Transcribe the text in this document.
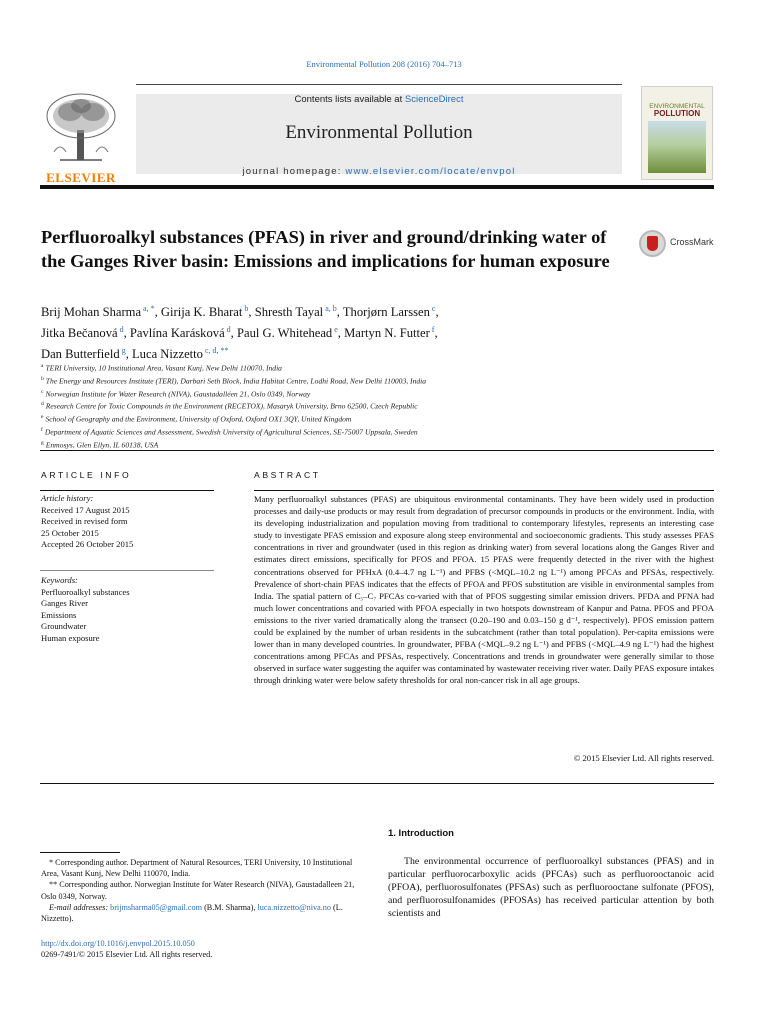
Environmental Pollution 208 (2016) 704–713
ELSEVIER
Contents lists available at ScienceDirect
Environmental Pollution
journal homepage: www.elsevier.com/locate/envpol
ENVIRONMENTAL
POLLUTION
Perfluoroalkyl substances (PFAS) in river and ground/drinking water of the Ganges River basin: Emissions and implications for human exposure
CrossMark
Brij Mohan Sharma $^{a, *}$, Girija K. Bharat $^b$, Shresth Tayal $^{a, b}$, Thorjørn Larssen $^c$,
Jitka Bečanová $^d$, Pavlína Karásková $^d$, Paul G. Whitehead $^e$, Martyn N. Futter $^f$,
Dan Butterfield $^g$, Luca Nizzetto $^{c, d, **}$
$^a$ TERI University, 10 Institutional Area, Vasant Kunj, New Delhi 110070, India
$^b$ The Energy and Resources Institute (TERI), Darbari Seth Block, India Habitat Centre, Lodhi Road, New Delhi 110003, India
$^c$ Norwegian Institute for Water Research (NIVA), Gaustadalléen 21, Oslo 0349, Norway
$^d$ Research Centre for Toxic Compounds in the Environment (RECETOX), Masaryk University, Brno 62500, Czech Republic
$^e$ School of Geography and the Environment, University of Oxford, Oxford OX1 3QY, United Kingdom
$^f$ Department of Aquatic Sciences and Assessment, Swedish University of Agricultural Sciences, SE-75007 Uppsala, Sweden
$^g$ Enmosys, Glen Ellyn, IL 60138, USA
ARTICLE INFO	ABSTRACT
Article history:
Received 17 August 2015
Received in revised form
25 October 2015
Accepted 26 October 2015
Keywords:
Perfluoroalkyl substances
Ganges River
Emissions
Groundwater
Human exposure

Many perfluoroalkyl substances (PFAS) are ubiquitous environmental contaminants. They have been widely used in production processes and daily-use products or may result from degradation of precursor compounds in products or the environment. India, with its developing industrialization and population moving from traditional to contemporary lifestyles, represents an interesting case study to investigate PFAS emission and exposure along steep environmental and socioeconomic gradients. This study assesses PFAS concentrations in river and groundwater (used in this region as drinking water) from several locations along the Ganges River and estimates direct emissions, specifically for PFOS and PFOA. 15 PFAS were frequently detected in the river with the highest concentrations observed for PFHxA (0.4–4.7 ng L⁻¹) and PFBS (<MQL–10.2 ng L⁻¹) among PFCAs and PFSAs, respectively. Prevalence of short-chain PFAS indicates that the effects of PFOA and PFOS substitution are visible in environmental samples from India. The spatial pattern of C₅–C₇ PFCAs co-varied with that of PFOS suggesting similar emission drivers. PFDA and PFNA had much lower concentrations and covaried with PFOA especially in two hotspots downstream of Kanpur and Patna. PFOS and PFOA emissions to the river varied dramatically along the transect (0.20–190 and 0.03–150 g d⁻¹, respectively). PFOS emission pattern could be explained by the number of urban residents in the subcatchment (rather than total population). Per-capita emissions were lower than in many developed countries. In groundwater, PFBA (<MQL–9.2 ng L⁻¹) and PFBS (<MQL–4.9 ng L⁻¹) had the highest concentrations among PFCAs and PFSAs, respectively. Concentrations and trends in groundwater were generally similar to those observed in surface water suggesting the aquifer was contaminated by wastewater receiving river water. Daily PFAS exposure intakes through drinking water were below safety thresholds for oral non-cancer risk in all age groups.

© 2015 Elsevier Ltd. All rights reserved.
1. Introduction

The environmental occurrence of perfluoroalkyl substances (PFAS) and in particular perfluorocarboxylic acids (PFCAs) such as perfluorooctanoic acid (PFOA), perfluorosulfonates (PFSAs) such as perfluorooctane sulfonate (PFOS), and perfluorosulfonamides (PFOSAs) has received particular attention by both scientists and

* Corresponding author. Department of Natural Resources, TERI University, 10 Institutional Area, Vasant Kunj, New Delhi 110070, India.

** Corresponding author. Norwegian Institute for Water Research (NIVA), Gaustadalleen 21, Oslo 0349, Norway.

E-mail addresses: brijmsharma05@gmail.com (B.M. Sharma), luca.nizzetto@niva.no (L. Nizzetto).

http://dx.doi.org/10.1016/j.envpol.2015.10.050
0269-7491/© 2015 Elsevier Ltd. All rights reserved.
